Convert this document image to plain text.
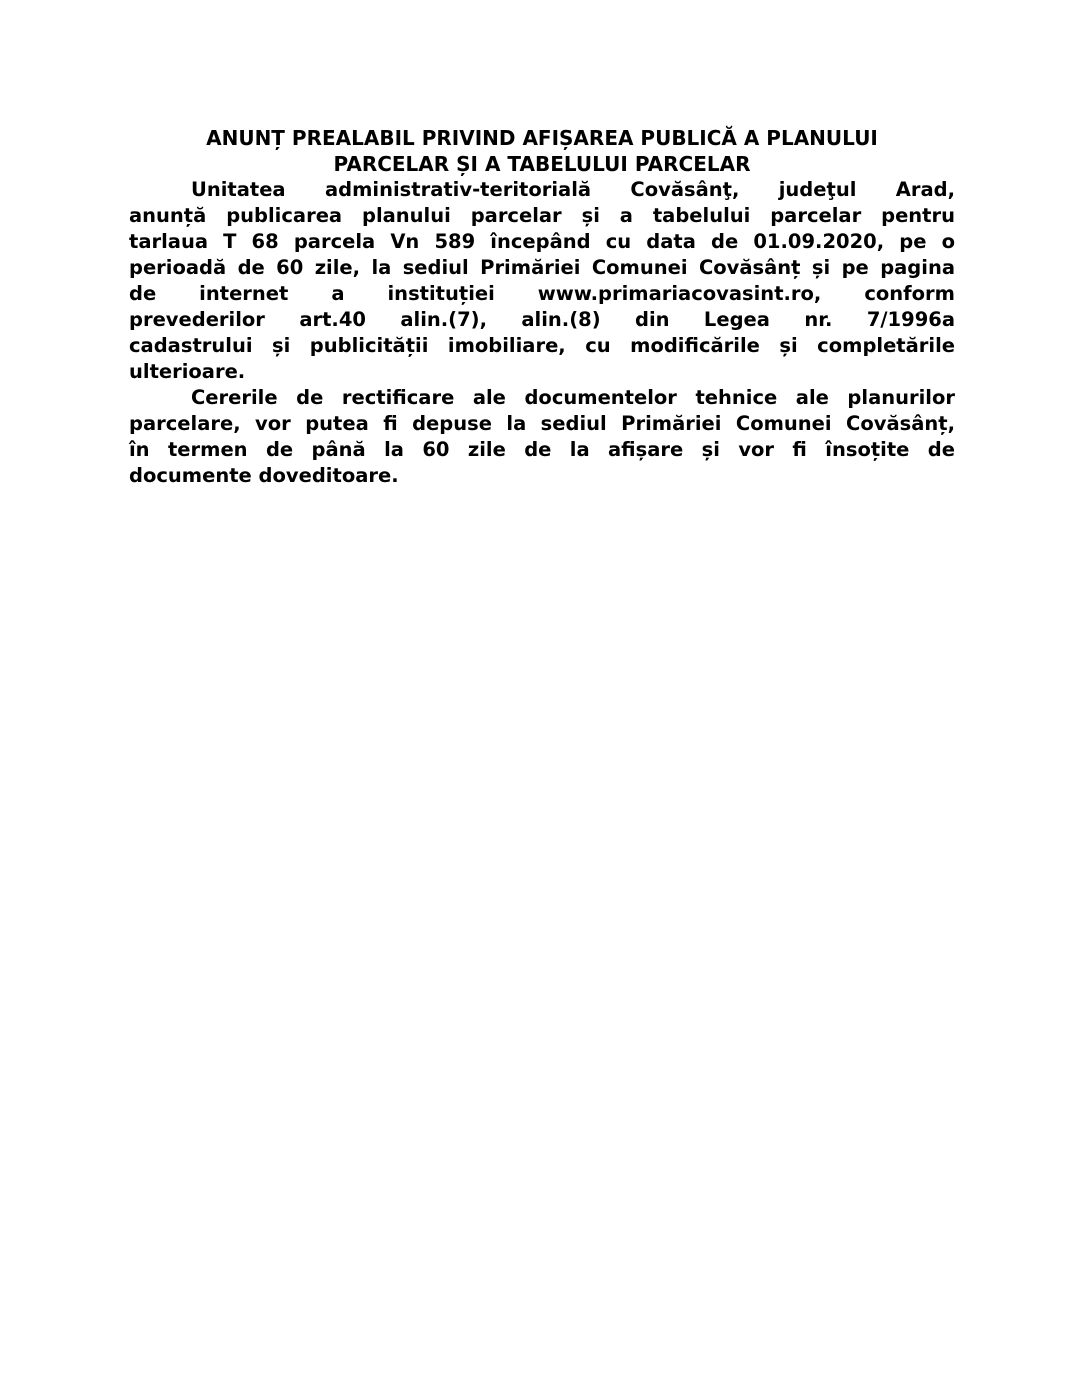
ANUNȚ PREALABIL PRIVIND AFIȘAREA PUBLICĂ A PLANULUI
PARCELAR ȘI A TABELULUI PARCELAR
Unitatea administrativ-teritorială Covăsânţ, judeţul Arad,
anunță publicarea planului parcelar și a tabelului parcelar pentru
tarlaua T 68 parcela Vn 589 începând cu data de 01.09.2020, pe o
perioadă de 60 zile, la sediul Primăriei Comunei Covăsânț și pe pagina
de internet a instituției www.primariacovasint.ro, conform
prevederilor art.40 alin.(7), alin.(8) din Legea nr. 7/1996a
cadastrului și publicității imobiliare, cu modificările și completările
ulterioare.
Cererile de rectificare ale documentelor tehnice ale planurilor
parcelare, vor putea fi depuse la sediul Primăriei Comunei Covăsânț,
în termen de până la 60 zile de la afișare și vor fi însoțite de
documente doveditoare.
